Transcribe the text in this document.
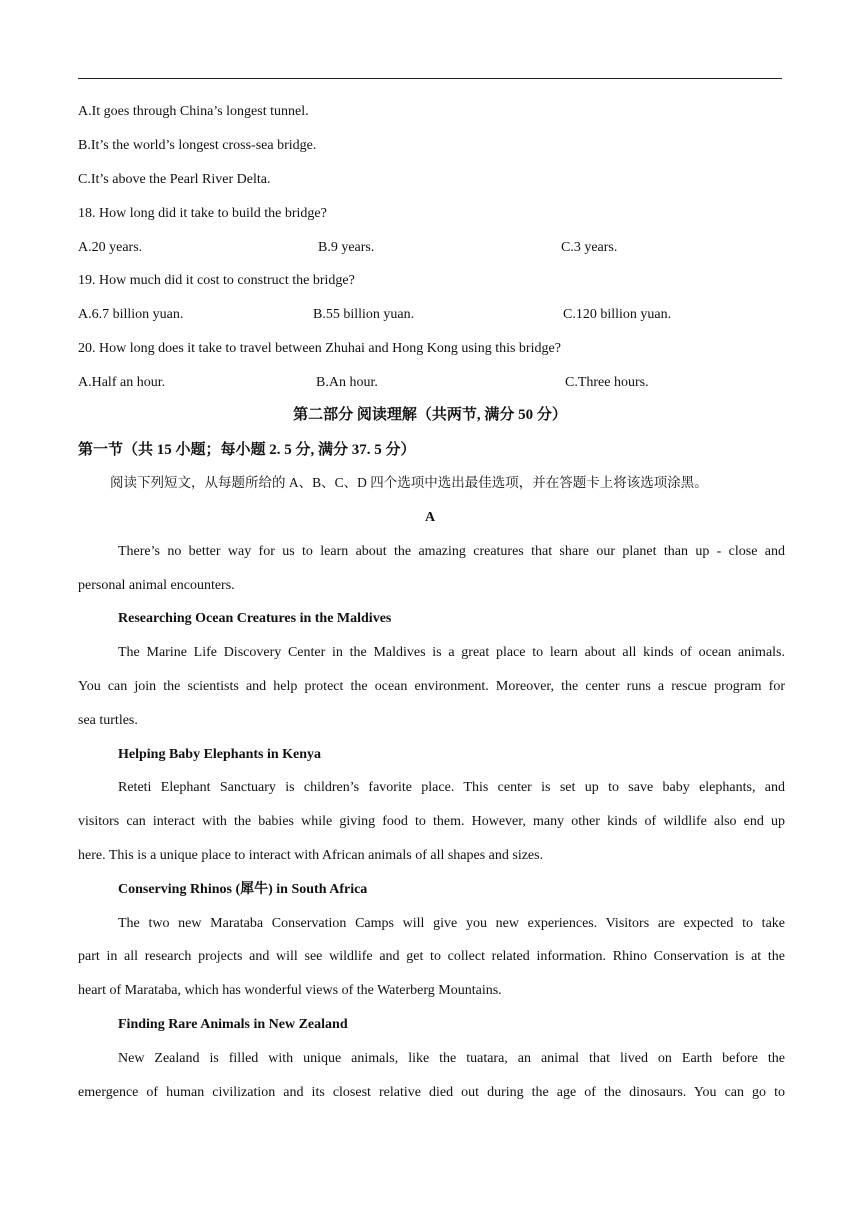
A.It goes through China’s longest tunnel.
B.It’s the world’s longest cross-sea bridge.
C.It’s above the Pearl River Delta.
18. How long did it take to build the bridge?
A.20 years.	B.9 years.	C.3 years.
19. How much did it cost to construct the bridge?
A.6.7 billion yuan.	B.55 billion yuan.	C.120 billion yuan.
20. How long does it take to travel between Zhuhai and Hong Kong using this bridge?
A.Half an hour.	B.An hour.	C.Three hours.
第二部分 阅读理解（共两节, 满分 50 分）
第一节（共 15 小题；每小题 2. 5 分, 满分 37. 5 分）
阅读下列短文，从每题所给的 A、B、C、D 四个选项中选出最佳选项，并在答题卡上将该选项涂黑。
A
There’s no better way for us to learn about the amazing creatures that share our planet than up - close and
personal animal encounters.
Researching Ocean Creatures in the Maldives
The Marine Life Discovery Center in the Maldives is a great place to learn about all kinds of ocean animals.
You can join the scientists and help protect the ocean environment. Moreover, the center runs a rescue program for
sea turtles.
Helping Baby Elephants in Kenya
Reteti Elephant Sanctuary is children’s favorite place. This center is set up to save baby elephants, and
visitors can interact with the babies while giving food to them. However, many other kinds of wildlife also end up
here. This is a unique place to interact with African animals of all shapes and sizes.
Conserving Rhinos (犀牛) in South Africa
The two new Marataba Conservation Camps will give you new experiences. Visitors are expected to take
part in all research projects and will see wildlife and get to collect related information. Rhino Conservation is at the
heart of Marataba, which has wonderful views of the Waterberg Mountains.
Finding Rare Animals in New Zealand
New Zealand is filled with unique animals, like the tuatara, an animal that lived on Earth before the
emergence of human civilization and its closest relative died out during the age of the dinosaurs. You can go to
